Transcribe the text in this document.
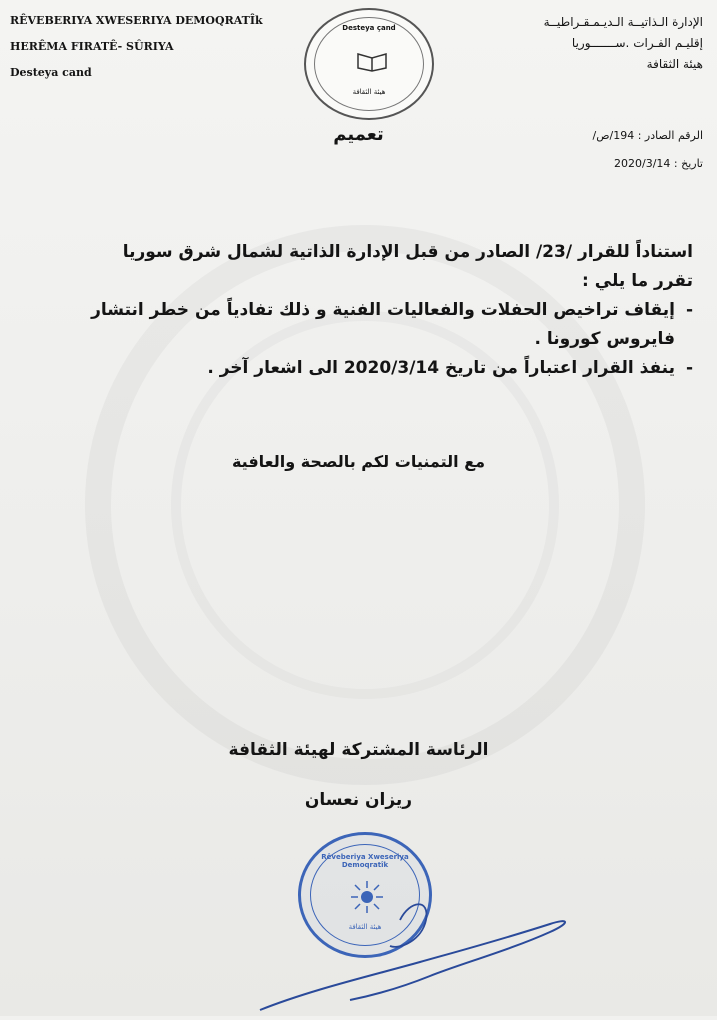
RÊVEBERIYA XWESERIYA DEMOQRATÎk
HERÊMA FIRATÊ- SÛRIYA
Desteya cand
Desteya çand
هيئة الثقافة
الإدارة الـذاتيــة الـديـمـقـراطيــة
إقليـم الفـرات .ســـــــوريا
هيئة الثقافة
الرقم الصادر : 194/ص/
تاريخ : 2020/3/14
تعميم
استناداً للقرار /23/ الصادر من قبل الإدارة الذاتية لشمال شرق سوريا
تقرر ما يلي :
-
إيقاف تراخيص الحفلات والفعاليات الفنية و ذلك تفادياً من خطر انتشار فايروس كورونا .
-
ينفذ القرار اعتباراً من تاريخ 2020/3/14 الى اشعار آخر .
مع التمنيات لكم بالصحة والعافية
الرئاسة المشتركة لهيئة الثقافة
ريزان نعسان
Rêveberiya Xweseriya Demoqratîk
هيئة الثقافة
